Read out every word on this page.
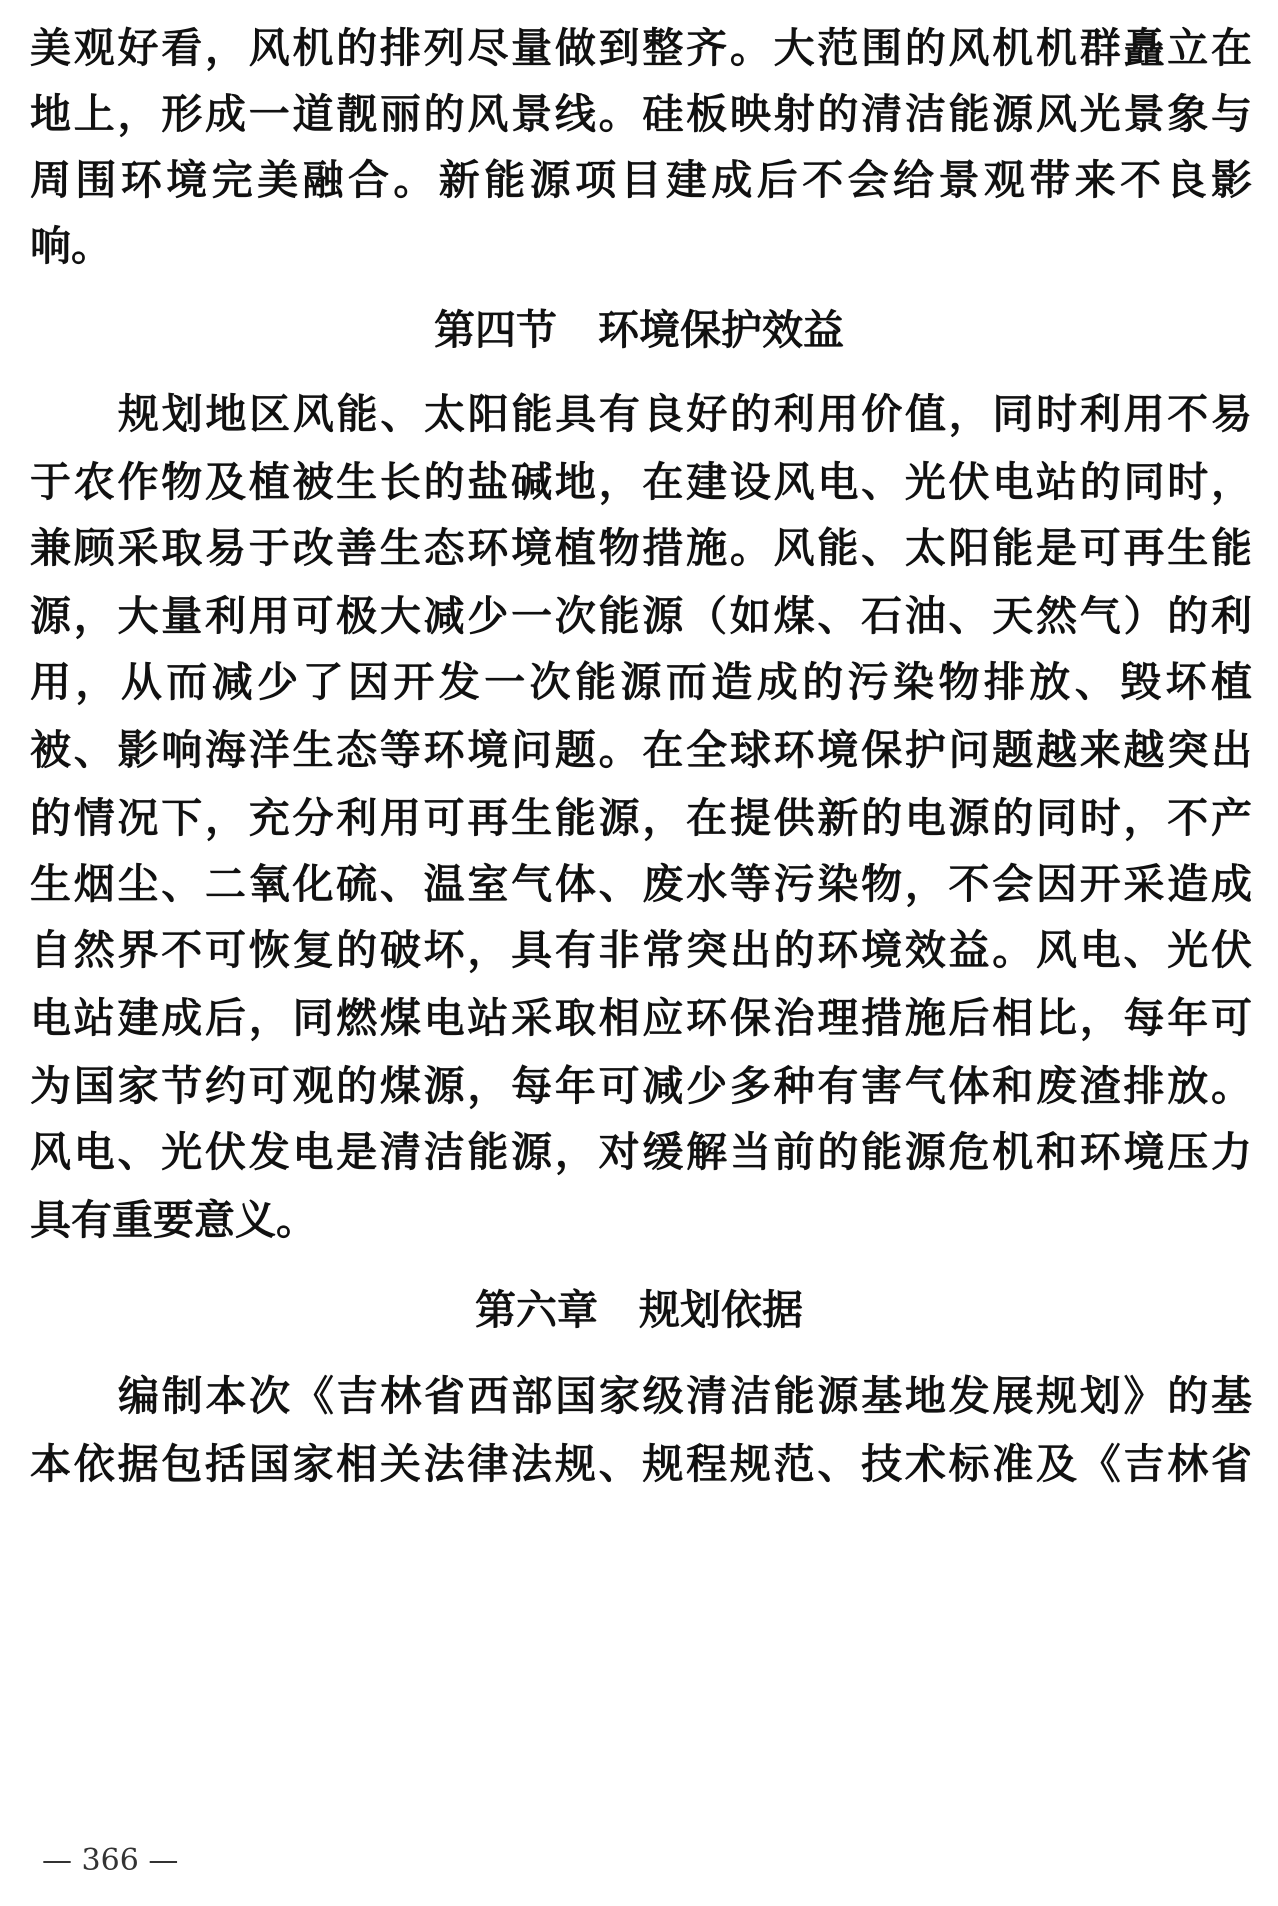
美观好看，风机的排列尽量做到整齐。大范围的风机机群矗立在
地上，形成一道靓丽的风景线。硅板映射的清洁能源风光景象与
周围环境完美融合。新能源项目建成后不会给景观带来不良影
响。
第四节　环境保护效益
规划地区风能、太阳能具有良好的利用价值，同时利用不易
于农作物及植被生长的盐碱地，在建设风电、光伏电站的同时，
兼顾采取易于改善生态环境植物措施。风能、太阳能是可再生能
源，大量利用可极大减少一次能源（如煤、石油、天然气）的利
用，从而减少了因开发一次能源而造成的污染物排放、毁坏植
被、影响海洋生态等环境问题。在全球环境保护问题越来越突出
的情况下，充分利用可再生能源，在提供新的电源的同时，不产
生烟尘、二氧化硫、温室气体、废水等污染物，不会因开采造成
自然界不可恢复的破坏，具有非常突出的环境效益。风电、光伏
电站建成后，同燃煤电站采取相应环保治理措施后相比，每年可
为国家节约可观的煤源，每年可减少多种有害气体和废渣排放。
风电、光伏发电是清洁能源，对缓解当前的能源危机和环境压力
具有重要意义。
第六章　规划依据
编制本次《吉林省西部国家级清洁能源基地发展规划》的基
本依据包括国家相关法律法规、规程规范、技术标准及《吉林省
— 366 —
